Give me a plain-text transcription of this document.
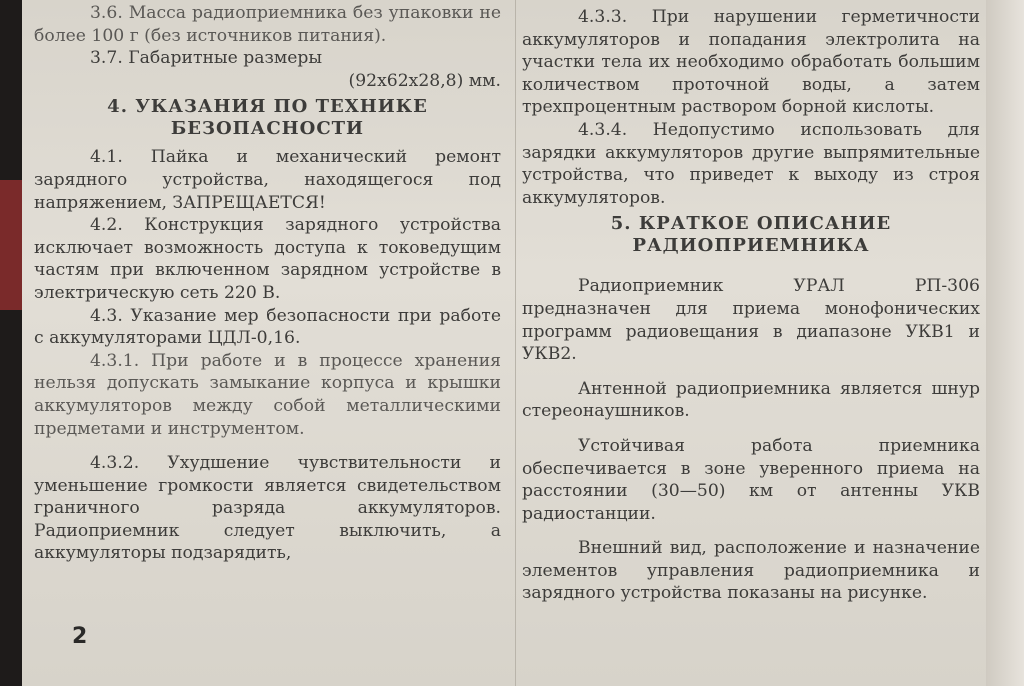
3.6. Масса радиоприемника без упаковки не более 100 г (без источников питания).

3.7. Габаритные размеры

(92x62x28,8) мм.

4. УКАЗАНИЯ ПО ТЕХНИКЕ
БЕЗОПАСНОСТИ

4.1. Пайка и механический ремонт зарядного устройства, находящегося под напряжением, ЗАПРЕЩАЕТСЯ!

4.2. Конструкция зарядного устройства исключает возможность доступа к токоведущим частям при включенном зарядном устройстве в электрическую сеть 220 В.

4.3. Указание мер безопасности при работе с аккумуляторами ЦДЛ-0,16.

4.3.1. При работе и в процессе хранения нельзя допускать замыкание корпуса и крышки аккумуляторов между собой металлическими предметами и инструментом.

4.3.2. Ухудшение чувствительности и уменьшение громкости является свидетельством граничного разряда аккумуляторов. Радиоприемник следует выключить, а аккумуляторы подзарядить,

2

4.3.3. При нарушении герметичности аккумуляторов и попадания электролита на участки тела их необходимо обработать большим количеством проточной воды, а затем трехпроцентным раствором борной кислоты.

4.3.4. Недопустимо использовать для зарядки аккумуляторов другие выпрямительные устройства, что приведет к выходу из строя аккумуляторов.

5. КРАТКОЕ ОПИСАНИЕ
РАДИОПРИЕМНИКА

Радиоприемник УРАЛ РП-306 предназначен для приема монофонических программ радиовещания в диапазоне УКВ1 и УКВ2.

Антенной радиоприемника является шнур стереонаушников.

Устойчивая работа приемника обеспечивается в зоне уверенного приема на расстоянии (30—50) км от антенны УКВ радиостанции.

Внешний вид, расположение и назначение элементов управления радиоприемника и зарядного устройства показаны на рисунке.
